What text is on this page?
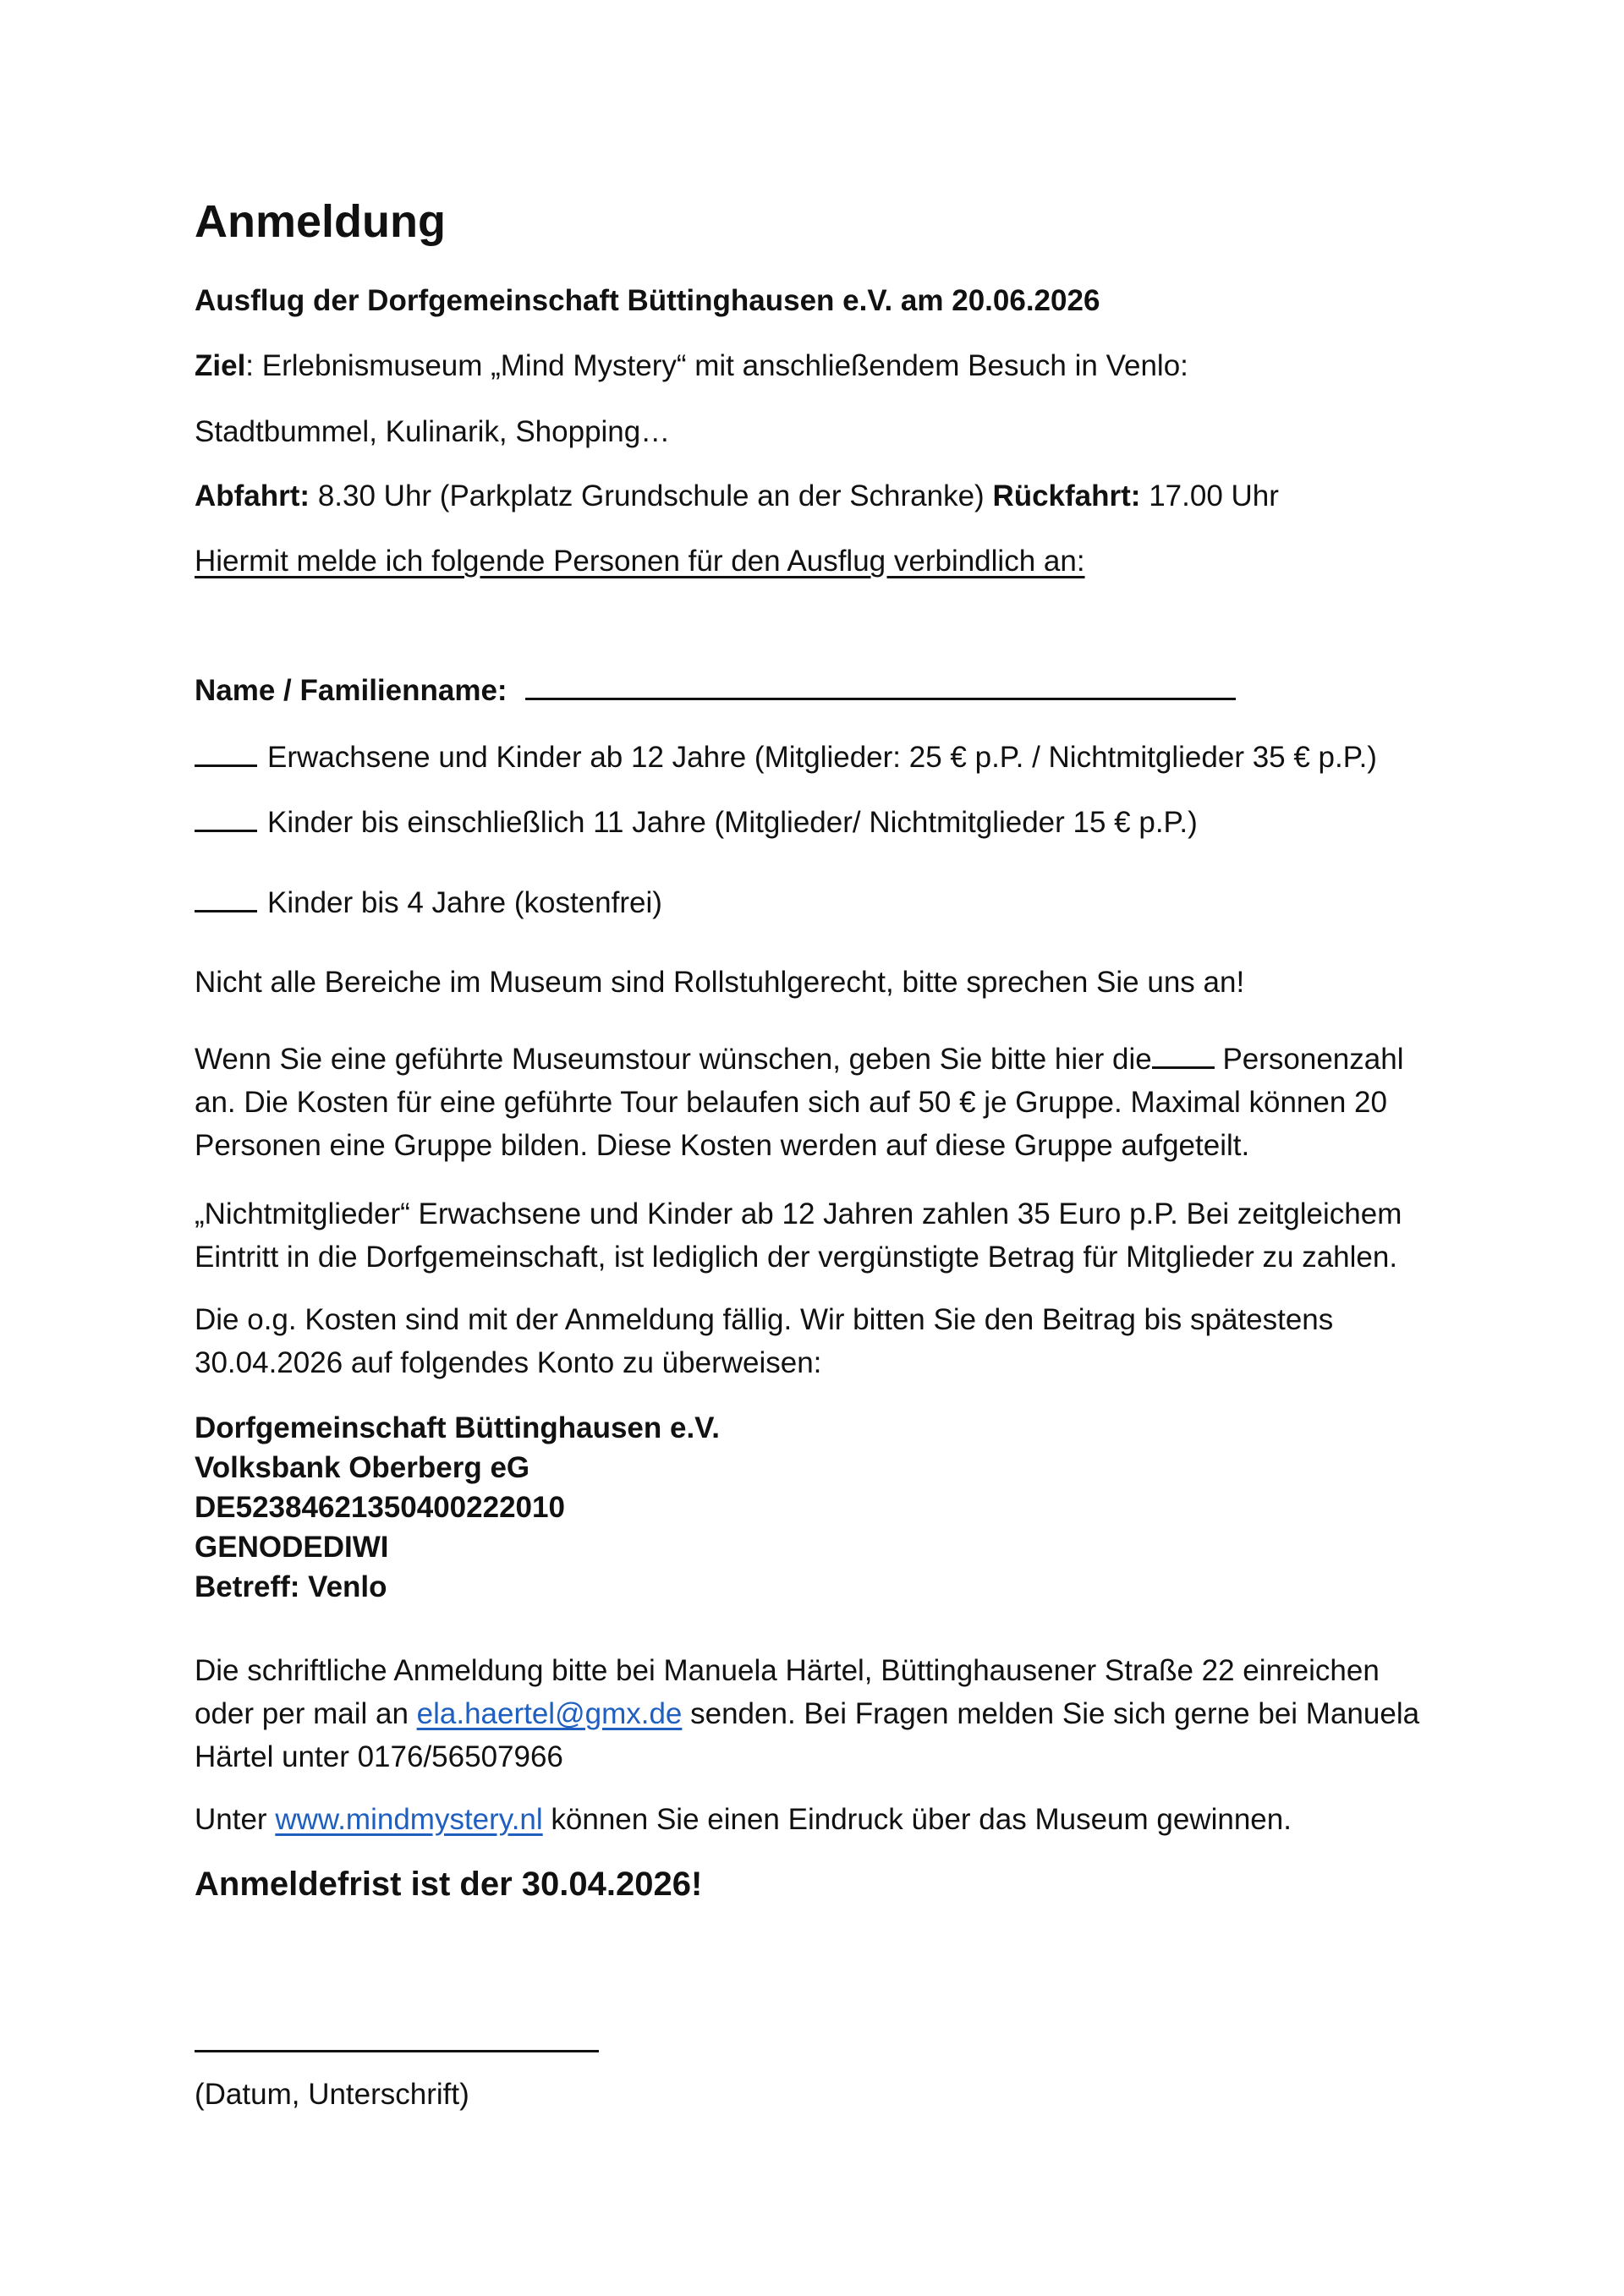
Anmeldung
Ausflug der Dorfgemeinschaft Büttinghausen e.V. am 20.06.2026
Ziel: Erlebnismuseum „Mind Mystery“ mit anschließendem Besuch in Venlo:
Stadtbummel, Kulinarik, Shopping…
Abfahrt: 8.30 Uhr (Parkplatz Grundschule an der Schranke) Rückfahrt: 17.00 Uhr
Hiermit melde ich folgende Personen für den Ausflug verbindlich an:
Name / Familienname:
Erwachsene und Kinder ab 12 Jahre (Mitglieder: 25 € p.P. / Nichtmitglieder 35 € p.P.)
Kinder bis einschließlich 11 Jahre (Mitglieder/ Nichtmitglieder 15 € p.P.)
Kinder bis 4 Jahre (kostenfrei)
Nicht alle Bereiche im Museum sind Rollstuhlgerecht, bitte sprechen Sie uns an!
Wenn Sie eine geführte Museumstour wünschen, geben Sie bitte hier die Personenzahl an. Die Kosten für eine geführte Tour belaufen sich auf 50 € je Gruppe. Maximal können 20 Personen eine Gruppe bilden. Diese Kosten werden auf diese Gruppe aufgeteilt.
„Nichtmitglieder“ Erwachsene und Kinder ab 12 Jahren zahlen 35 Euro p.P. Bei zeitgleichem Eintritt in die Dorfgemeinschaft, ist lediglich der vergünstigte Betrag für Mitglieder zu zahlen.
Die o.g. Kosten sind mit der Anmeldung fällig. Wir bitten Sie den Beitrag bis spätestens 30.04.2026 auf folgendes Konto zu überweisen:
Dorfgemeinschaft Büttinghausen e.V.
Volksbank Oberberg eG
DE52384621350400222010
GENODEDIWI
Betreff: Venlo
Die schriftliche Anmeldung bitte bei Manuela Härtel, Büttinghausener Straße 22 einreichen oder per mail an ela.haertel@gmx.de senden. Bei Fragen melden Sie sich gerne bei Manuela Härtel unter 0176/56507966
Unter www.mindmystery.nl können Sie einen Eindruck über das Museum gewinnen.
Anmeldefrist ist der 30.04.2026!
(Datum, Unterschrift)
